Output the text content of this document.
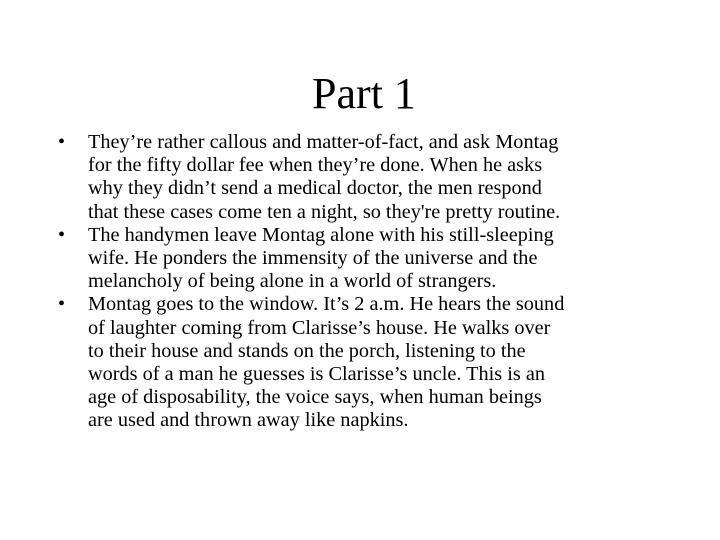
Part 1
•	They’re rather callous and matter-of-fact, and ask Montag
for the fifty dollar fee when they’re done. When he asks
why they didn’t send a medical doctor, the men respond
that these cases come ten a night, so they're pretty routine.
•	The handymen leave Montag alone with his still-sleeping
wife. He ponders the immensity of the universe and the
melancholy of being alone in a world of strangers.
•	Montag goes to the window. It’s 2 a.m. He hears the sound
of laughter coming from Clarisse’s house. He walks over
to their house and stands on the porch, listening to the
words of a man he guesses is Clarisse’s uncle. This is an
age of disposability, the voice says, when human beings
are used and thrown away like napkins.
